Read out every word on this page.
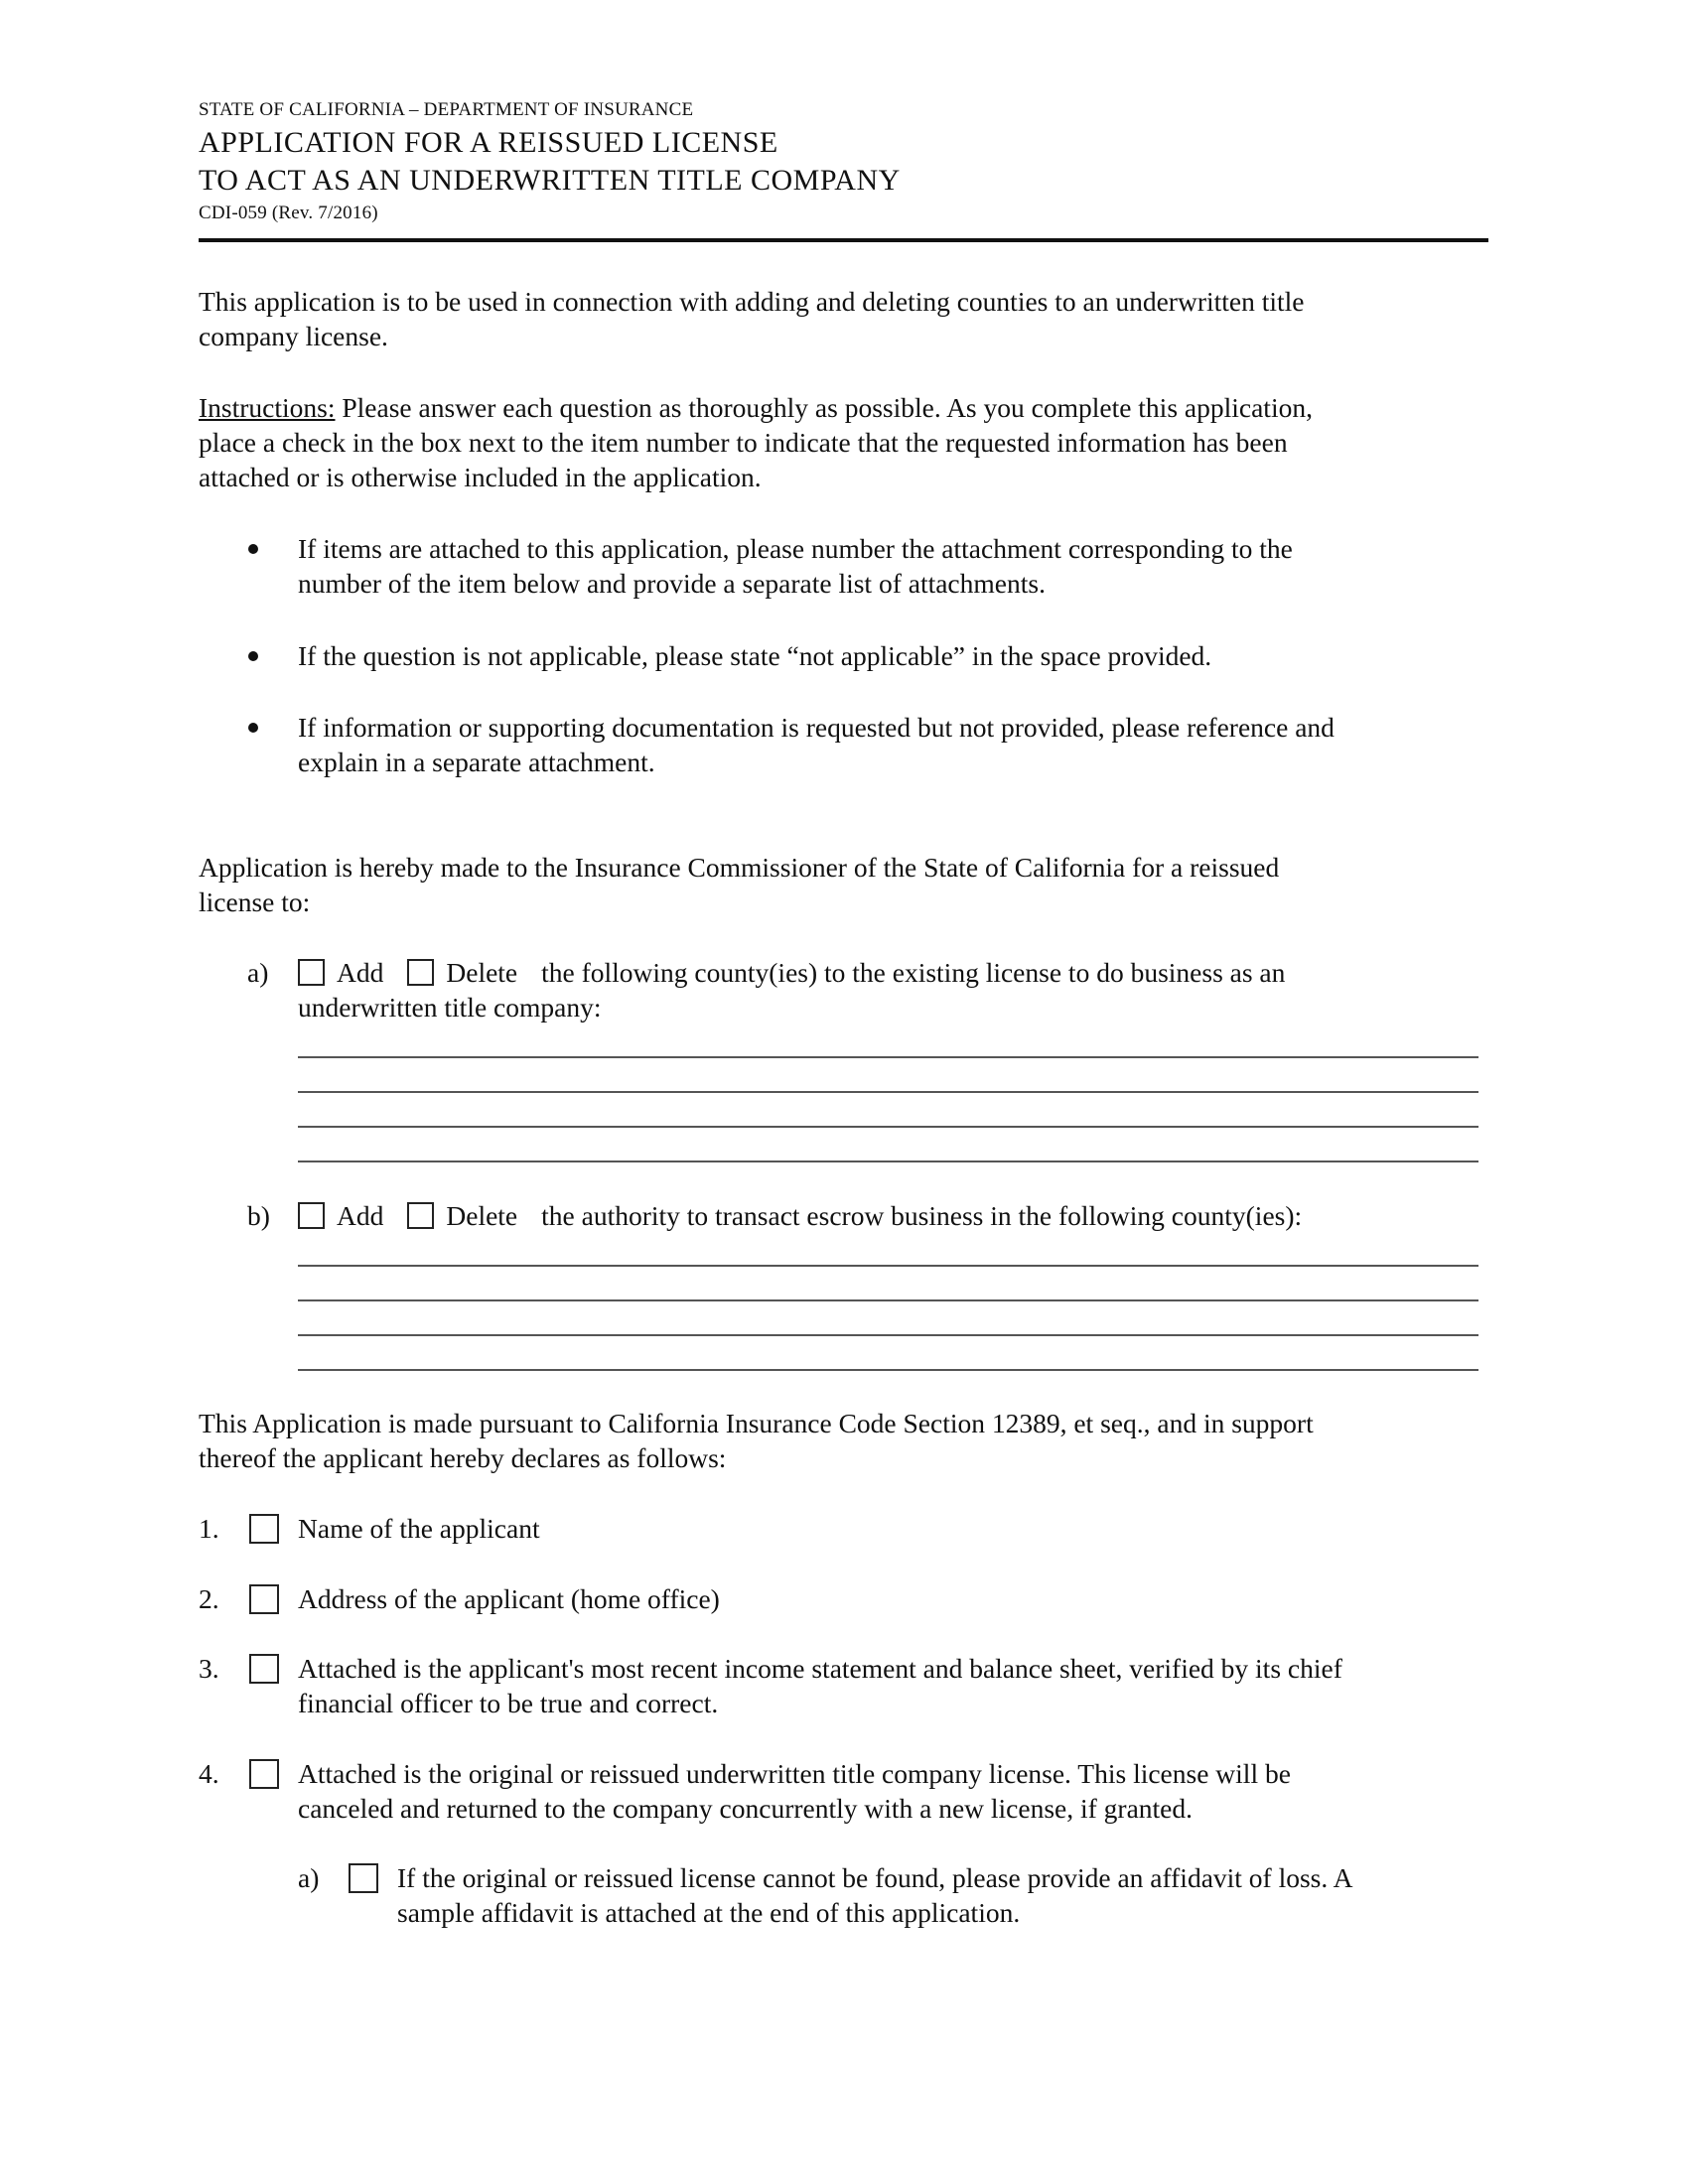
STATE OF CALIFORNIA – DEPARTMENT OF INSURANCE
APPLICATION FOR A REISSUED LICENSE
TO ACT AS AN UNDERWRITTEN TITLE COMPANY
CDI-059 (Rev. 7/2016)
This application is to be used in connection with adding and deleting counties to an underwritten title
company license.
Instructions: Please answer each question as thoroughly as possible. As you complete this application,
place a check in the box next to the item number to indicate that the requested information has been
attached or is otherwise included in the application.
If items are attached to this application, please number the attachment corresponding to the
number of the item below and provide a separate list of attachments.
If the question is not applicable, please state “not applicable” in the space provided.
If information or supporting documentation is requested but not provided, please reference and
explain in a separate attachment.
Application is hereby made to the Insurance Commissioner of the State of California for a reissued
license to:
a)	Add Delete the following county(ies) to the existing license to do business as an
underwritten title company:
b)	Add Delete the authority to transact escrow business in the following county(ies):
This Application is made pursuant to California Insurance Code Section 12389, et seq., and in support
thereof the applicant hereby declares as follows:
1.	Name of the applicant
2.	Address of the applicant (home office)
3.	Attached is the applicant's most recent income statement and balance sheet, verified by its chief
financial officer to be true and correct.
4.	Attached is the original or reissued underwritten title company license. This license will be
canceled and returned to the company concurrently with a new license, if granted.
a)	If the original or reissued license cannot be found, please provide an affidavit of loss. A
sample affidavit is attached at the end of this application.
